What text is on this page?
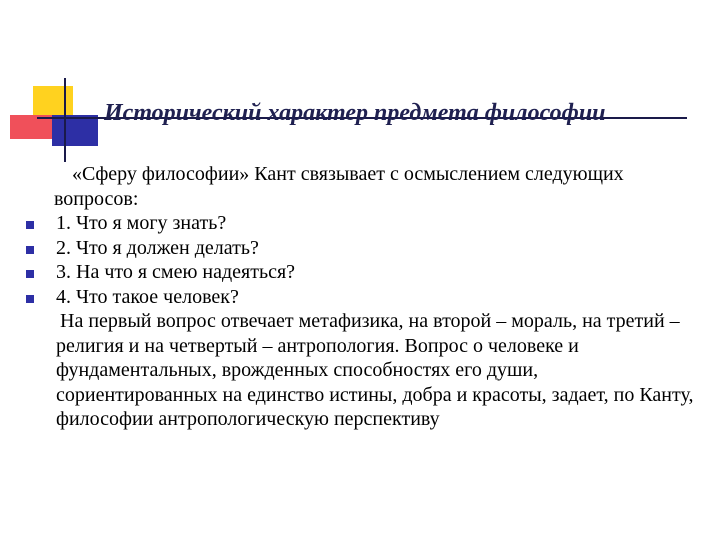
Исторический характер предмета философии

«Сферу философии» Кант связывает с осмыслением следующих вопросов:

1. Что я могу знать?
2. Что я должен делать?
3. На что я смею надеяться?
4. Что такое человек?

На первый вопрос отвечает метафизика, на второй – мораль, на третий – религия и на четвертый – антропология. Вопрос о человеке и фундаментальных, врожденных способностях его души, сориентированных на единство истины, добра и красоты, задает, по Канту, философии антропологическую перспективу
